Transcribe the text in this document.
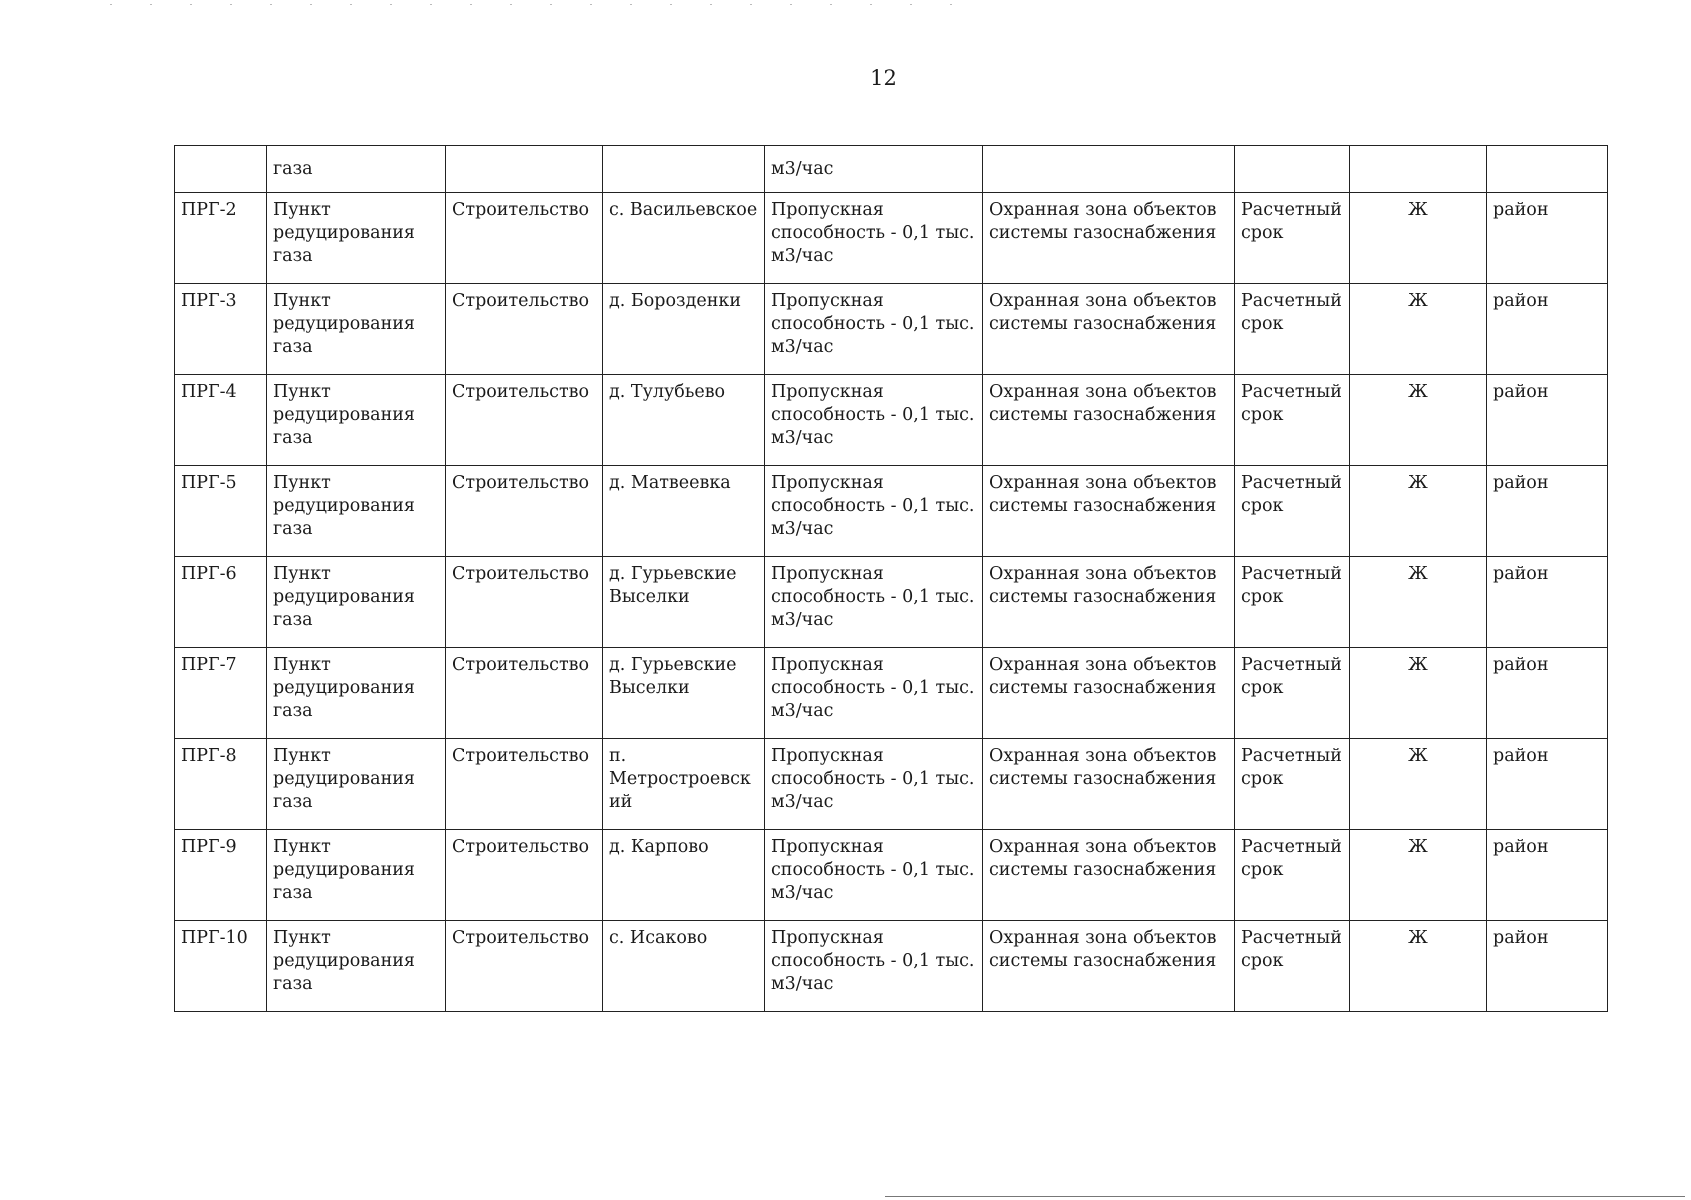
12
	газа			м3/час				
ПРГ-2	Пункт редуцирования газа	Строительство	с. Васильевское	Пропускная способность - 0,1 тыс. м3/час	Охранная зона объектов системы газоснабжения	Расчетный срок	Ж	район
ПРГ-3	Пункт редуцирования газа	Строительство	д. Борозденки	Пропускная способность - 0,1 тыс. м3/час	Охранная зона объектов системы газоснабжения	Расчетный срок	Ж	район
ПРГ-4	Пункт редуцирования газа	Строительство	д. Тулубьево	Пропускная способность - 0,1 тыс. м3/час	Охранная зона объектов системы газоснабжения	Расчетный срок	Ж	район
ПРГ-5	Пункт редуцирования газа	Строительство	д. Матвеевка	Пропускная способность - 0,1 тыс. м3/час	Охранная зона объектов системы газоснабжения	Расчетный срок	Ж	район
ПРГ-6	Пункт редуцирования газа	Строительство	д. Гурьевские Выселки	Пропускная способность - 0,1 тыс. м3/час	Охранная зона объектов системы газоснабжения	Расчетный срок	Ж	район
ПРГ-7	Пункт редуцирования газа	Строительство	д. Гурьевские Выселки	Пропускная способность - 0,1 тыс. м3/час	Охранная зона объектов системы газоснабжения	Расчетный срок	Ж	район
ПРГ-8	Пункт редуцирования газа	Строительство	п. Метростроевский	Пропускная способность - 0,1 тыс. м3/час	Охранная зона объектов системы газоснабжения	Расчетный срок	Ж	район
ПРГ-9	Пункт редуцирования газа	Строительство	д. Карпово	Пропускная способность - 0,1 тыс. м3/час	Охранная зона объектов системы газоснабжения	Расчетный срок	Ж	район
ПРГ-10	Пункт редуцирования газа	Строительство	с. Исаково	Пропускная способность - 0,1 тыс. м3/час	Охранная зона объектов системы газоснабжения	Расчетный срок	Ж	район
